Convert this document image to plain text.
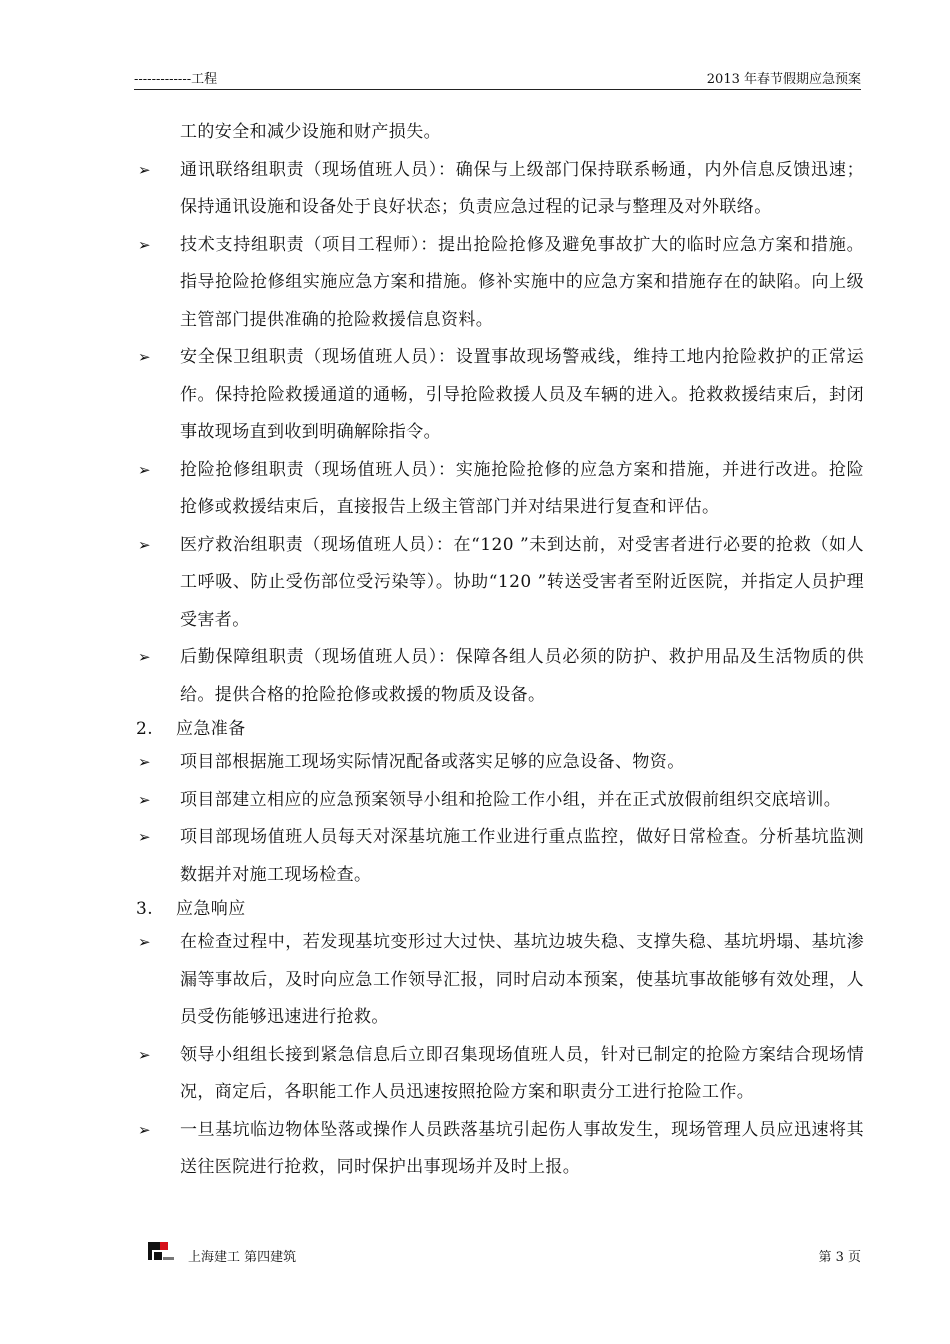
-------------工程	2013 年春节假期应急预案
工的安全和减少设施和财产损失。
➢	通讯联络组职责（现场值班人员）：确保与上级部门保持联系畅通，内外信息反馈迅速；保持通讯设施和设备处于良好状态；负责应急过程的记录与整理及对外联络。
➢	技术支持组职责（项目工程师）：提出抢险抢修及避免事故扩大的临时应急方案和措施。指导抢险抢修组实施应急方案和措施。修补实施中的应急方案和措施存在的缺陷。向上级主管部门提供准确的抢险救援信息资料。
➢	安全保卫组职责（现场值班人员）：设置事故现场警戒线，维持工地内抢险救护的正常运作。保持抢险救援通道的通畅，引导抢险救援人员及车辆的进入。抢救救援结束后，封闭事故现场直到收到明确解除指令。
➢	抢险抢修组职责（现场值班人员）：实施抢险抢修的应急方案和措施，并进行改进。抢险抢修或救援结束后，直接报告上级主管部门并对结果进行复查和评估。
➢	医疗救治组职责（现场值班人员）：在“120 ”未到达前，对受害者进行必要的抢救（如人工呼吸、防止受伤部位受污染等）。协助“120 ”转送受害者至附近医院，并指定人员护理受害者。
➢	后勤保障组职责（现场值班人员）：保障各组人员必须的防护、救护用品及生活物质的供给。提供合格的抢险抢修或救援的物质及设备。
2. 应急准备
➢	项目部根据施工现场实际情况配备或落实足够的应急设备、物资。
➢	项目部建立相应的应急预案领导小组和抢险工作小组，并在正式放假前组织交底培训。
➢	项目部现场值班人员每天对深基坑施工作业进行重点监控，做好日常检查。分析基坑监测数据并对施工现场检查。
3. 应急响应
➢	在检查过程中，若发现基坑变形过大过快、基坑边坡失稳、支撑失稳、基坑坍塌、基坑渗漏等事故后，及时向应急工作领导汇报，同时启动本预案，使基坑事故能够有效处理，人员受伤能够迅速进行抢救。
➢	领导小组组长接到紧急信息后立即召集现场值班人员，针对已制定的抢险方案结合现场情况，商定后，各职能工作人员迅速按照抢险方案和职责分工进行抢险工作。
➢	一旦基坑临边物体坠落或操作人员跌落基坑引起伤人事故发生，现场管理人员应迅速将其送往医院进行抢救，同时保护出事现场并及时上报。
上海建工 第四建筑	第 3 页
